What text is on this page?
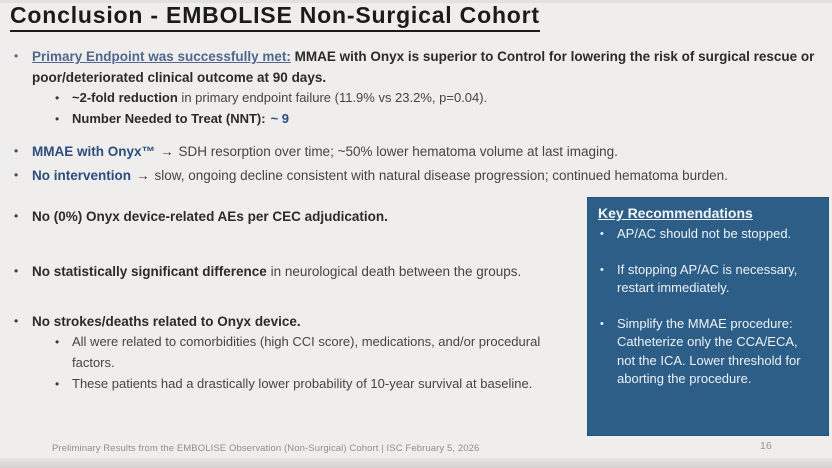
Conclusion - EMBOLISE Non-Surgical Cohort
•	Primary Endpoint was successfully met: MMAE with Onyx is superior to Control for lowering the risk of surgical rescue or poor/deteriorated clinical outcome at 90 days.
• ~2-fold reduction in primary endpoint failure (11.9% vs 23.2%, p=0.04).
• Number Needed to Treat (NNT): ~ 9
•	MMAE with Onyx™ → SDH resorption over time; ~50% lower hematoma volume at last imaging.
•	No intervention → slow, ongoing decline consistent with natural disease progression; continued hematoma burden.
•	No (0%) Onyx device-related AEs per CEC adjudication.
•	No statistically significant difference in neurological death between the groups.
•	No strokes/deaths related to Onyx device.
• All were related to comorbidities (high CCI score), medications, and/or procedural factors.
• These patients had a drastically lower probability of 10-year survival at baseline.
Key Recommendations
•	AP/AC should not be stopped.
•	If stopping AP/AC is necessary, restart immediately.
•	Simplify the MMAE procedure: Catheterize only the CCA/ECA, not the ICA. Lower threshold for aborting the procedure.
Preliminary Results from the EMBOLISE Observation (Non-Surgical) Cohort | ISC February 5, 2026	16
